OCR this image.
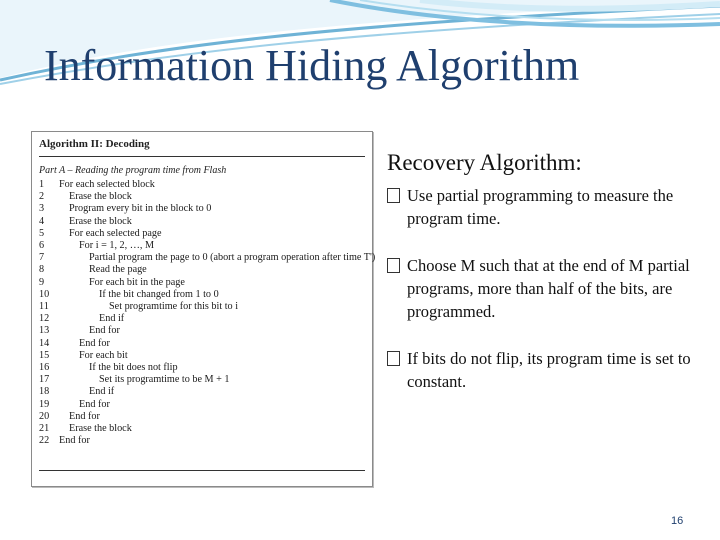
Information Hiding Algorithm
Algorithm II: Decoding
Part A – Reading the program time from Flash
1 For each selected block
2 Erase the block
3 Program every bit in the block to 0
4 Erase the block
5 For each selected page
6	For i = 1, 2, …, M
7	Partial program the page to 0 (abort a program operation after time T')
8	Read the page
9	For each bit in the page
10	If the bit changed from 1 to 0
11	Set programtime for this bit to i
12	End if
13	End for
14	End for
15	For each bit
16	If the bit does not flip
17	Set its programtime to be M + 1
18	End if
19	End for
20 End for
21 Erase the block
22 End for
Recovery Algorithm:
Use partial programming to measure the program time.
Choose M such that at the end of M partial programs, more than half of the bits, are programmed.
If bits do not flip, its program time is set to constant.
16
